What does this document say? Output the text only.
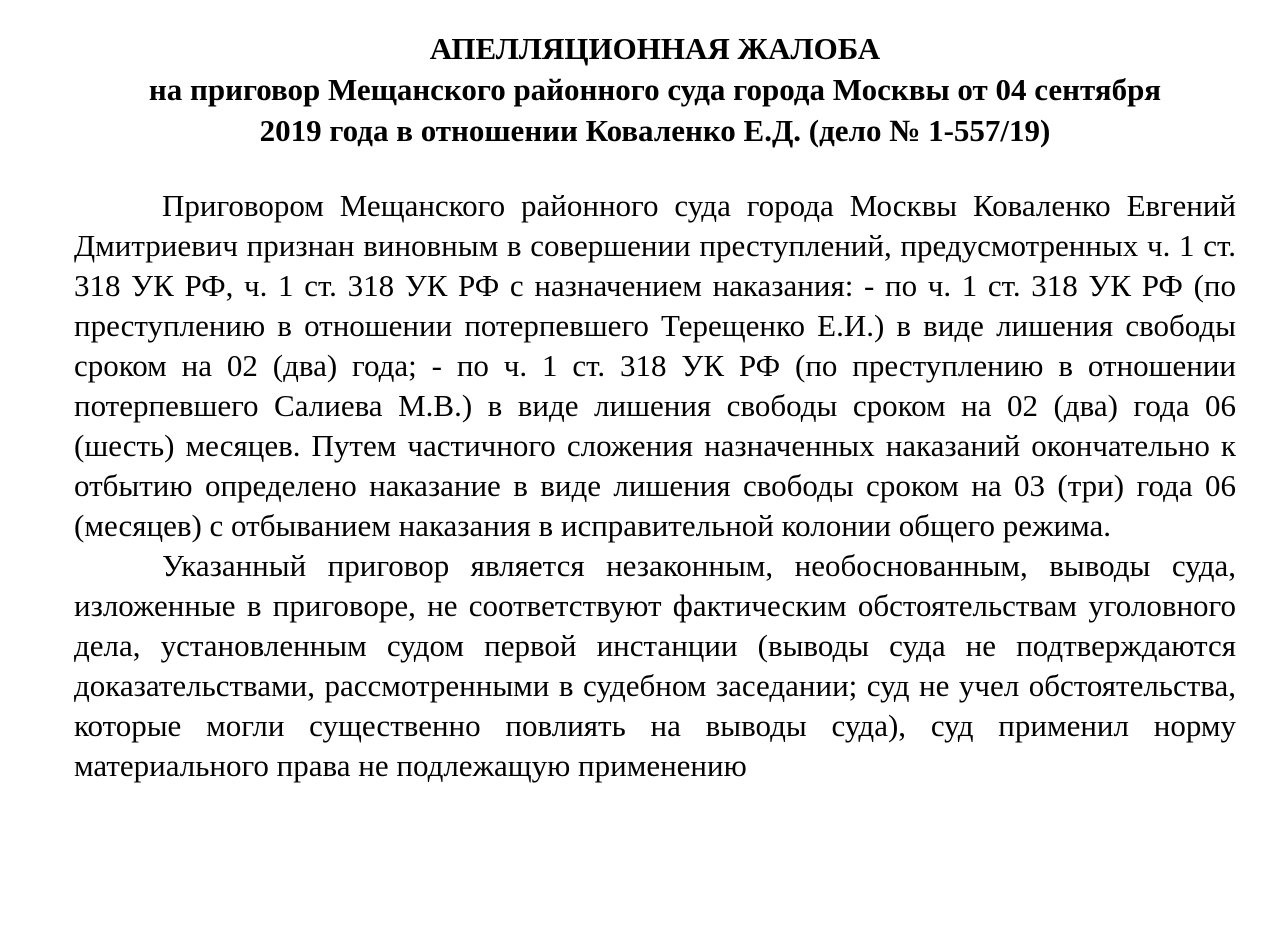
АПЕЛЛЯЦИОННАЯ ЖАЛОБА
на приговор Мещанского районного суда города Москвы от 04 сентября
2019 года в отношении Коваленко Е.Д. (дело № 1-557/19)

Приговором Мещанского районного суда города Москвы Коваленко Евгений Дмитриевич признан виновным в совершении преступлений, предусмотренных ч. 1 ст. 318 УК РФ, ч. 1 ст. 318 УК РФ с назначением наказания: - по ч. 1 ст. 318 УК РФ (по преступлению в отношении потерпевшего Терещенко Е.И.) в виде лишения свободы сроком на 02 (два) года; - по ч. 1 ст. 318 УК РФ (по преступлению в отношении потерпевшего Салиева М.В.) в виде лишения свободы сроком на 02 (два) года 06 (шесть) месяцев. Путем частичного сложения назначенных наказаний окончательно к отбытию определено наказание в виде лишения свободы сроком на 03 (три) года 06 (месяцев) с отбыванием наказания в исправительной колонии общего режима.

Указанный приговор является незаконным, необоснованным, выводы суда, изложенные в приговоре, не соответствуют фактическим обстоятельствам уголовного дела, установленным судом первой инстанции (выводы суда не подтверждаются доказательствами, рассмотренными в судебном заседании; суд не учел обстоятельства, которые могли существенно повлиять на выводы суда), суд применил норму материального права не подлежащую применению
